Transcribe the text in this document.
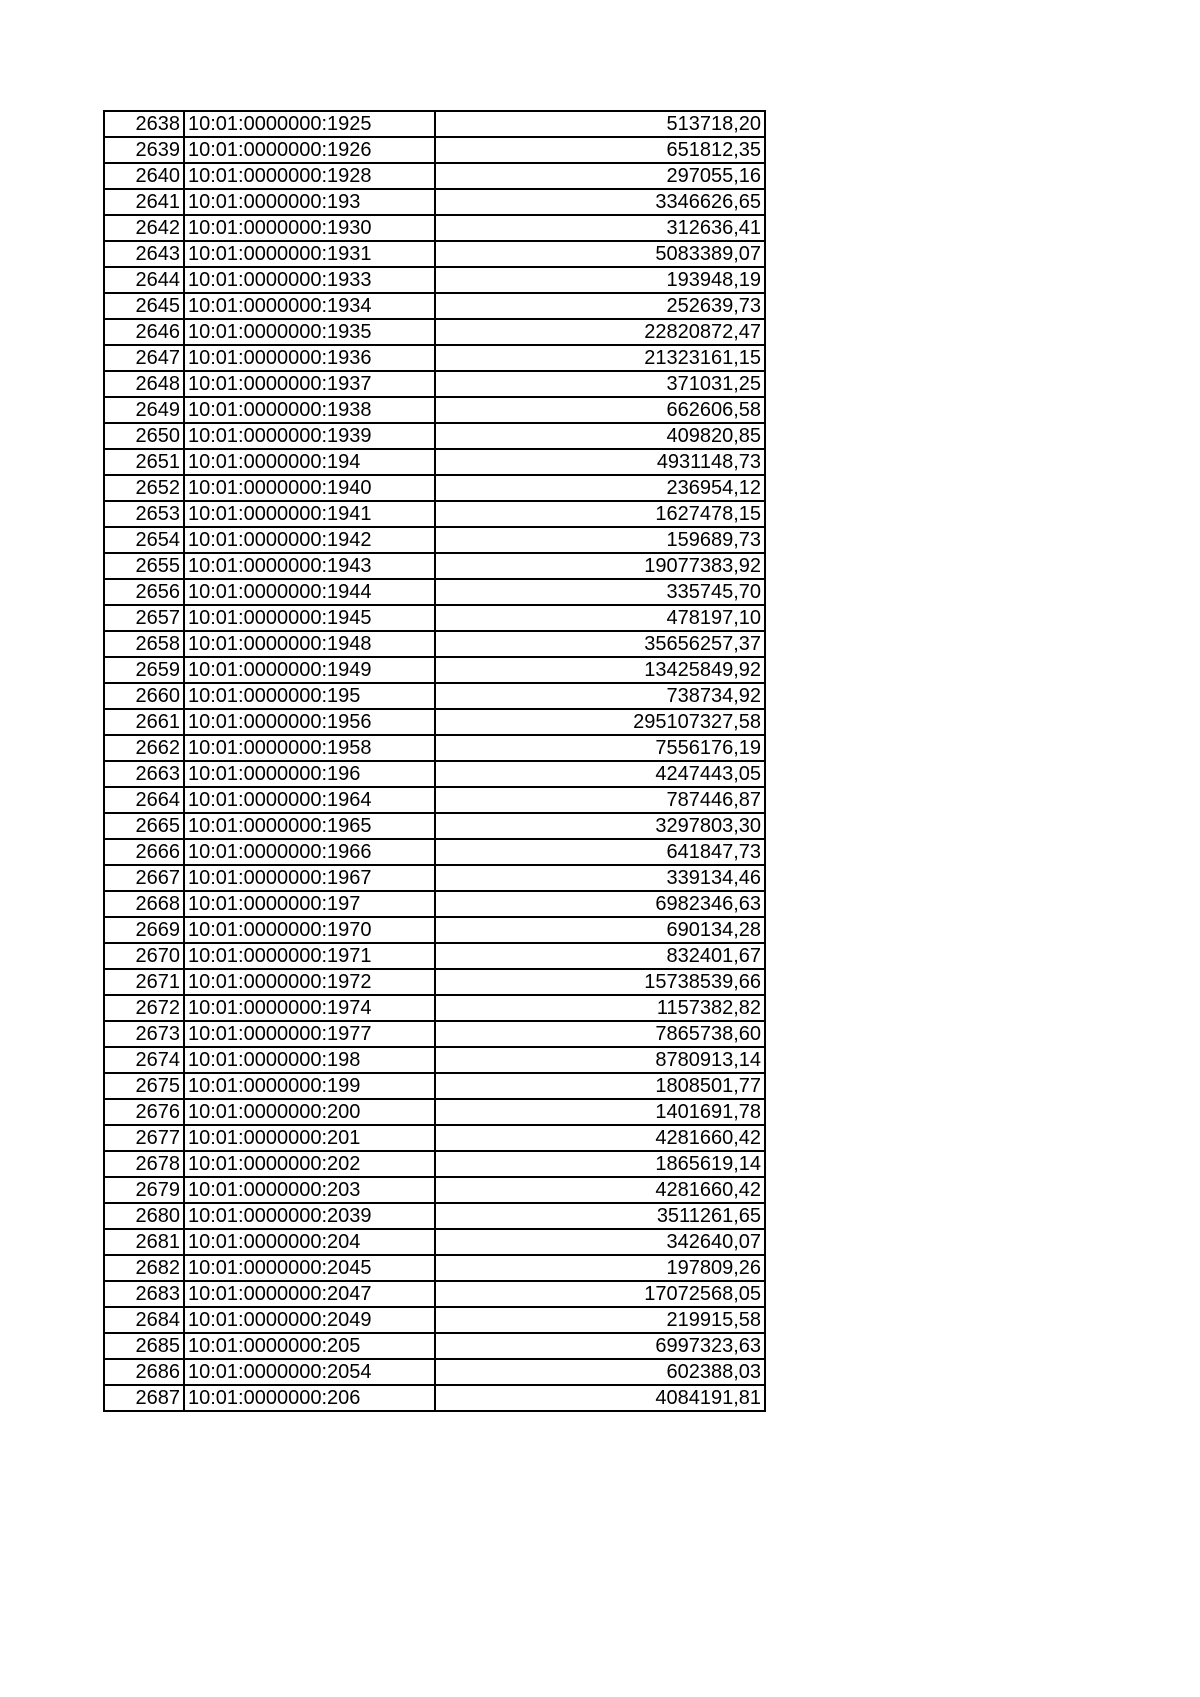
2638	10:01:0000000:1925	513718,20
2639	10:01:0000000:1926	651812,35
2640	10:01:0000000:1928	297055,16
2641	10:01:0000000:193	3346626,65
2642	10:01:0000000:1930	312636,41
2643	10:01:0000000:1931	5083389,07
2644	10:01:0000000:1933	193948,19
2645	10:01:0000000:1934	252639,73
2646	10:01:0000000:1935	22820872,47
2647	10:01:0000000:1936	21323161,15
2648	10:01:0000000:1937	371031,25
2649	10:01:0000000:1938	662606,58
2650	10:01:0000000:1939	409820,85
2651	10:01:0000000:194	4931148,73
2652	10:01:0000000:1940	236954,12
2653	10:01:0000000:1941	1627478,15
2654	10:01:0000000:1942	159689,73
2655	10:01:0000000:1943	19077383,92
2656	10:01:0000000:1944	335745,70
2657	10:01:0000000:1945	478197,10
2658	10:01:0000000:1948	35656257,37
2659	10:01:0000000:1949	13425849,92
2660	10:01:0000000:195	738734,92
2661	10:01:0000000:1956	295107327,58
2662	10:01:0000000:1958	7556176,19
2663	10:01:0000000:196	4247443,05
2664	10:01:0000000:1964	787446,87
2665	10:01:0000000:1965	3297803,30
2666	10:01:0000000:1966	641847,73
2667	10:01:0000000:1967	339134,46
2668	10:01:0000000:197	6982346,63
2669	10:01:0000000:1970	690134,28
2670	10:01:0000000:1971	832401,67
2671	10:01:0000000:1972	15738539,66
2672	10:01:0000000:1974	1157382,82
2673	10:01:0000000:1977	7865738,60
2674	10:01:0000000:198	8780913,14
2675	10:01:0000000:199	1808501,77
2676	10:01:0000000:200	1401691,78
2677	10:01:0000000:201	4281660,42
2678	10:01:0000000:202	1865619,14
2679	10:01:0000000:203	4281660,42
2680	10:01:0000000:2039	3511261,65
2681	10:01:0000000:204	342640,07
2682	10:01:0000000:2045	197809,26
2683	10:01:0000000:2047	17072568,05
2684	10:01:0000000:2049	219915,58
2685	10:01:0000000:205	6997323,63
2686	10:01:0000000:2054	602388,03
2687	10:01:0000000:206	4084191,81
